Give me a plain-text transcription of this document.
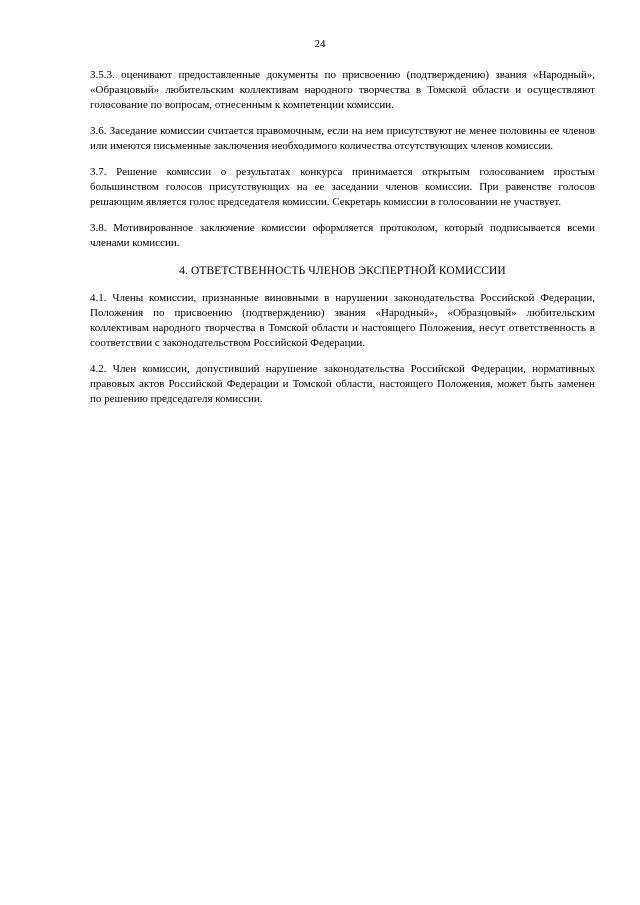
24

3.5.3. оценивают предоставленные документы по присвоению (подтверждению) звания «Народный», «Образцовый» любительским коллективам народного творчества в Томской области и осуществляют голосование по вопросам, отнесенным к компетенции комиссии.

3.6. Заседание комиссии считается правомочным, если на нем присутствуют не менее половины ее членов или имеются письменные заключения необходимого количества отсутствующих членов комиссии.

3.7. Решение комиссии о результатах конкурса принимается открытым голосованием простым большинством голосов присутствующих на ее заседании членов комиссии. При равенстве голосов решающим является голос председателя комиссии. Секретарь комиссии в голосовании не участвует.

3.8. Мотивированное заключение комиссии оформляется протоколом, который подписывается всеми членами комиссии.

4. ОТВЕТСТВЕННОСТЬ ЧЛЕНОВ ЭКСПЕРТНОЙ КОМИССИИ

4.1. Члены комиссии, признанные виновными в нарушении законодательства Российской Федерации, Положения по присвоению (подтверждению) звания «Народный», «Образцовый» любительским коллективам народного творчества в Томской области и настоящего Положения, несут ответственность в соответствии с законодательством Российской Федерации.

4.2. Член комиссии, допустивший нарушение законодательства Российской Федерации, нормативных правовых актов Российской Федерации и Томской области, настоящего Положения, может быть заменен по решению председателя комиссии.
